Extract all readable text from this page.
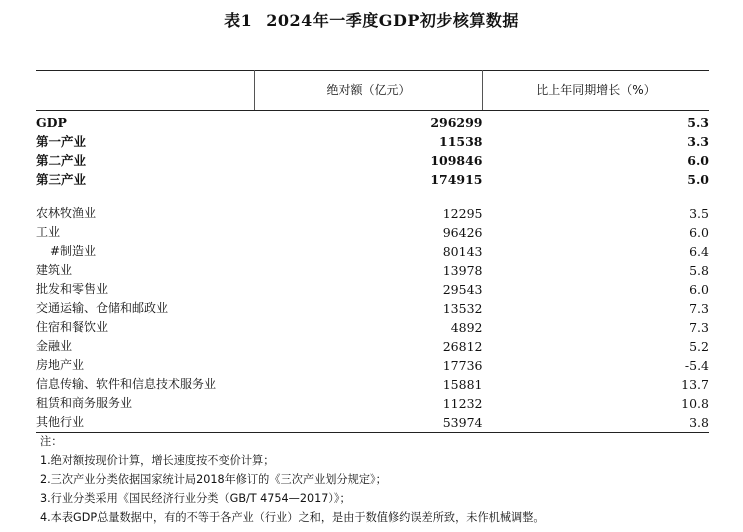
表1 2024年一季度GDP初步核算数据
	绝对额（亿元）	比上年同期增长（%）
GDP	296299	5.3
第一产业	11538	3.3
第二产业	109846	6.0
第三产业	174915	5.0

农林牧渔业	12295	3.5
工业	96426	6.0
#制造业	80143	6.4
建筑业	13978	5.8
批发和零售业	29543	6.0
交通运输、仓储和邮政业	13532	7.3
住宿和餐饮业	4892	7.3
金融业	26812	5.2
房地产业	17736	-5.4
信息传输、软件和信息技术服务业	15881	13.7
租赁和商务服务业	11232	10.8
其他行业	53974	3.8
注：
1.绝对额按现价计算，增长速度按不变价计算；
2.三次产业分类依据国家统计局2018年修订的《三次产业划分规定》；
3.行业分类采用《国民经济行业分类（GB/T 4754—2017）》；
4.本表GDP总量数据中，有的不等于各产业（行业）之和，是由于数值修约误差所致，未作机械调整。
